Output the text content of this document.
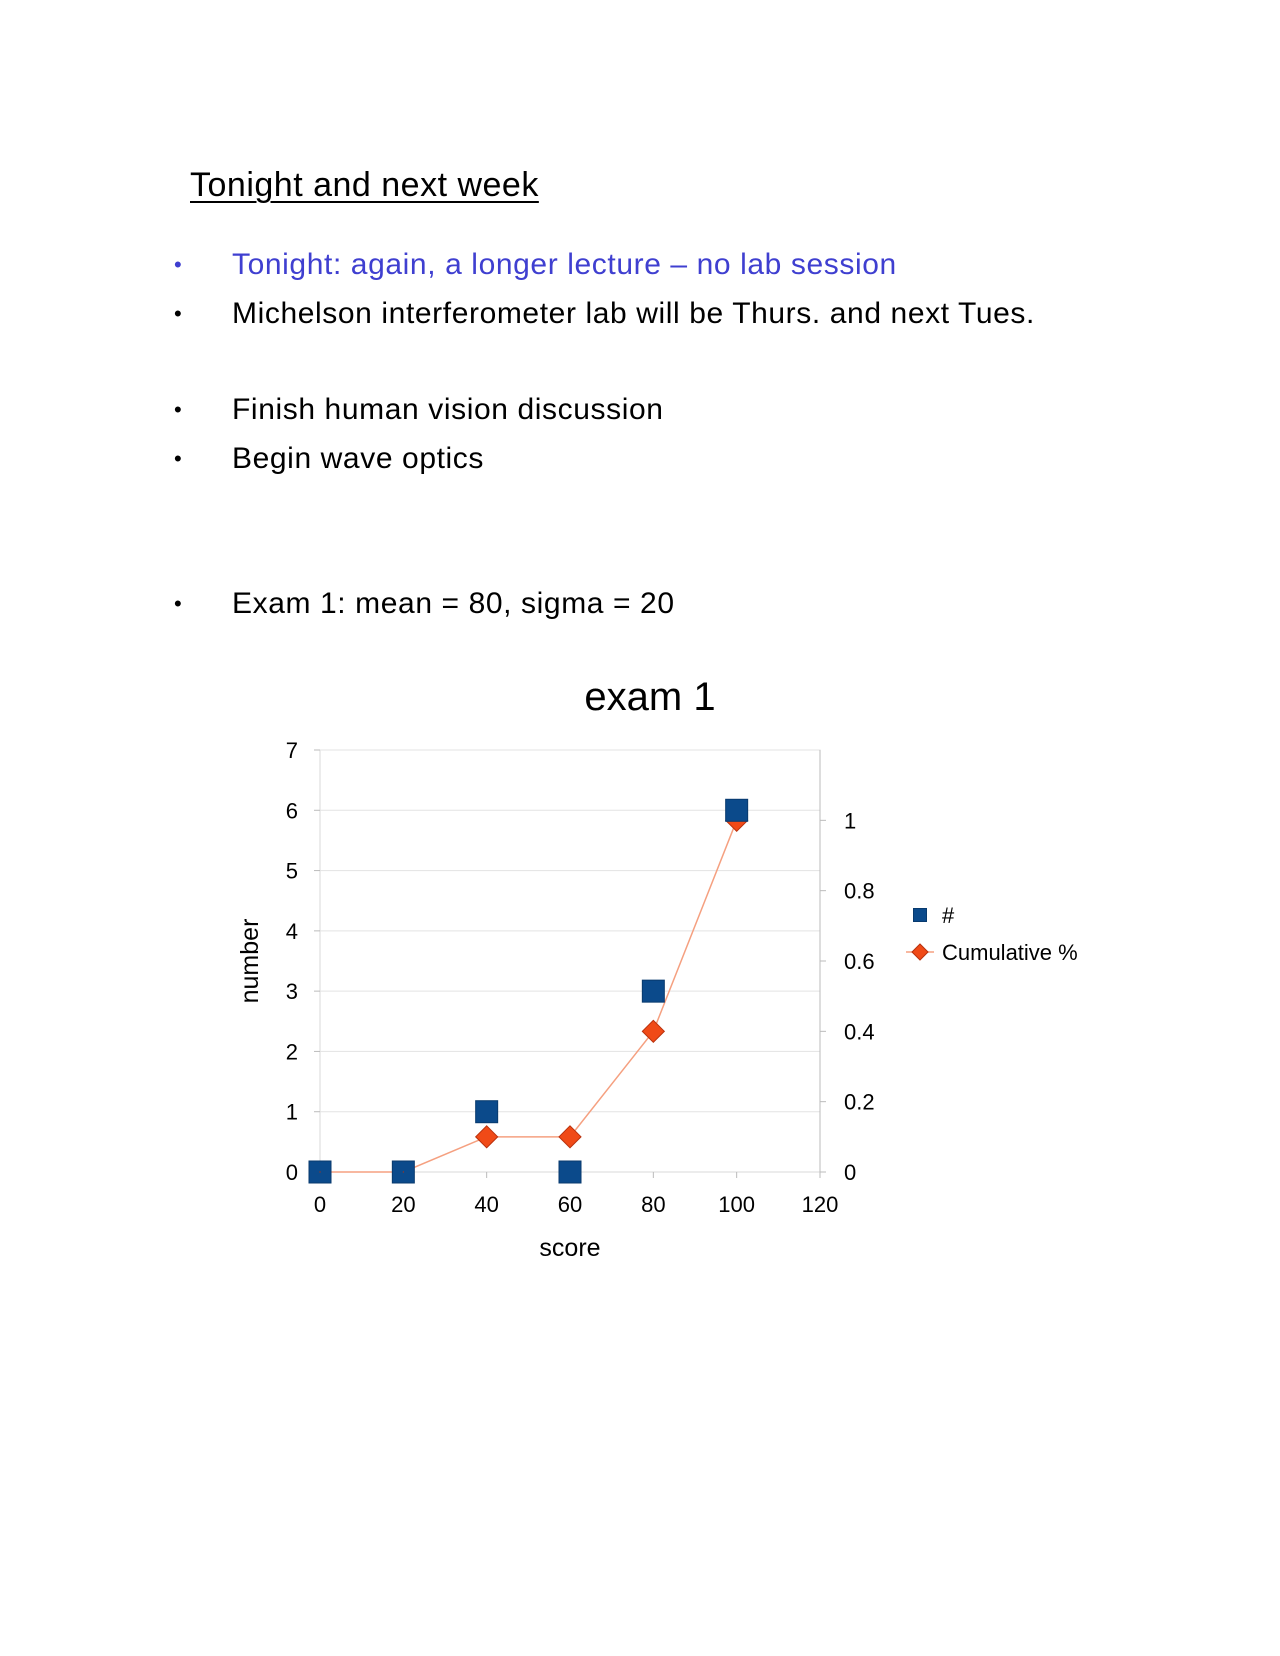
Tonight and next week
• Tonight: again, a longer lecture – no lab session
• Michelson interferometer lab will be Thurs. and next Tues.
• Finish human vision discussion
• Begin wave optics
• Exam 1: mean = 80, sigma = 20
exam 1
0
1
2
3
4
5
6
7
0
0.2
0.4
0.6
0.8
1
0	20	40	60	80 100 120
score
number
#
Cumulative %
